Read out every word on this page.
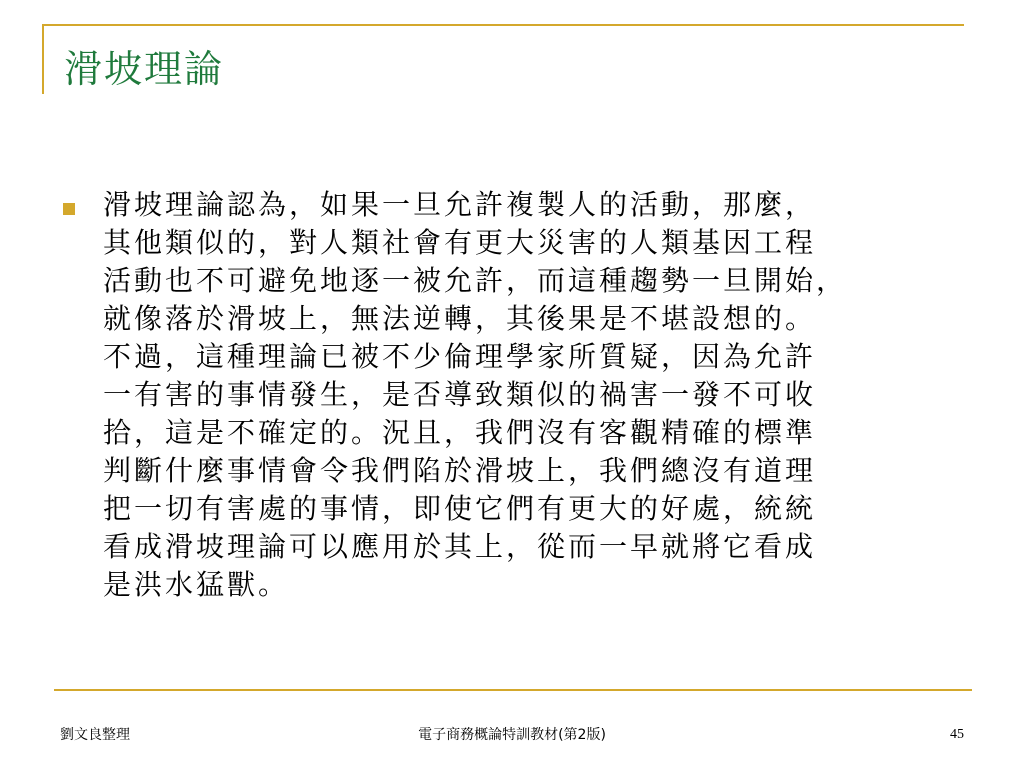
滑坡理論
滑坡理論認為，如果一旦允許複製人的活動，那麼，
其他類似的，對人類社會有更大災害的人類基因工程
活動也不可避免地逐一被允許，而這種趨勢一旦開始，
就像落於滑坡上，無法逆轉，其後果是不堪設想的。
不過，這種理論已被不少倫理學家所質疑，因為允許
一有害的事情發生，是否導致類似的禍害一發不可收
拾，這是不確定的。況且，我們沒有客觀精確的標準
判斷什麼事情會令我們陷於滑坡上，我們總沒有道理
把一切有害處的事情，即使它們有更大的好處，統統
看成滑坡理論可以應用於其上，從而一早就將它看成
是洪水猛獸。
劉文良整理	電子商務概論特訓教材(第2版)	45
